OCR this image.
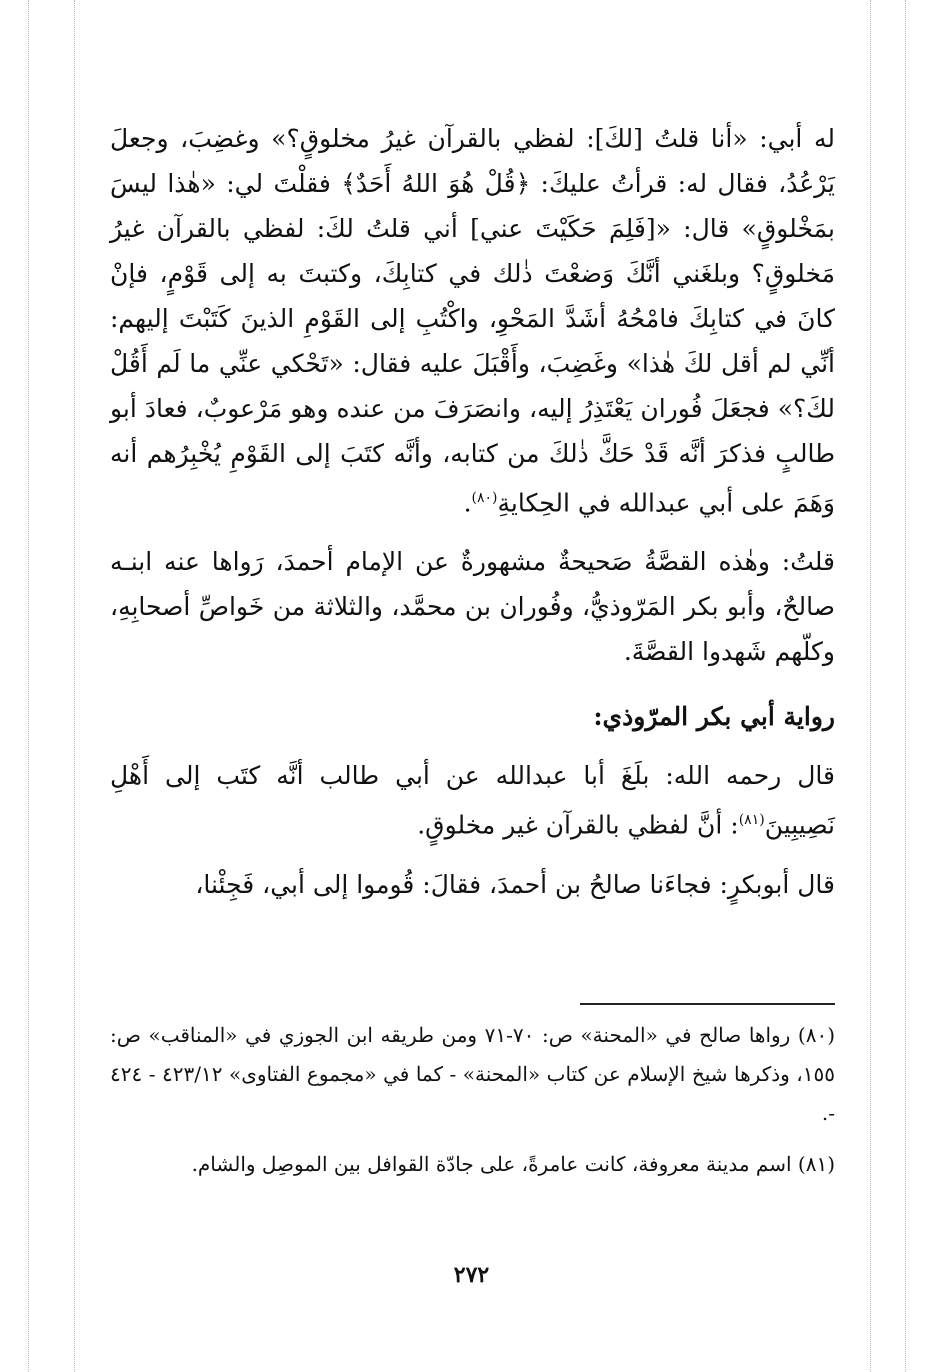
له أبي: «أنا قلتُ [لكَ]: لفظي بالقرآن غيرُ مخلوقٍ؟» وغضِبَ، وجعلَ يَرْعُدُ، فقال له: قرأتُ عليكَ: ﴿قُلْ هُوَ اللهُ أَحَدٌ﴾ فقلْتَ لي: «هٰذا ليسَ بمَخْلوقٍ» قال: «[فَلِمَ حَكَيْتَ عني] أني قلتُ لكَ: لفظي بالقرآن غيرُ مَخلوقٍ؟ وبلغَني أنَّكَ وَضعْتَ ذٰلك في كتابِكَ، وكتبتَ به إلى قَوْمٍ، فإنْ كانَ في كتابِكَ فامْحُهُ أشَدَّ المَحْوِ، واكْتُبِ إلى القَوْمِ الذينَ كَتَبْتَ إليهم: أنِّي لم أقل لكَ هٰذا» وغَضِبَ، وأَقْبَلَ عليه فقال: «تَحْكي عنِّي ما لَم أَقُلْ لكَ؟» فجعَلَ فُوران يَعْتَذِرُ إليه، وانصَرَفَ من عنده وهو مَرْعوبٌ، فعادَ أبو طالبٍ فذكرَ أنَّه قَدْ حَكَّ ذٰلكَ من كتابه، وأنَّه كتَبَ إلى القَوْمِ يُخْبِرُهم أنه وَهَمَ على أبي عبدالله في الحِكايةِ$^{(٨٠)}$.

قلتُ: وهٰذه القصَّةُ صَحيحةٌ مشهورةٌ عن الإمام أحمدَ، رَواها عنه ابنـه صالحٌ، وأبو بكر المَرّوذيُّ، وفُوران بن محمَّد، والثلاثة من خَواصِّ أصحابِهِ، وكلّهم شَهدوا القصَّةَ.

رواية أبي بكر المرّوذي:

قال رحمه الله: بلَغَ أبا عبدالله عن أبي طالب أنَّه كتَب إلى أَهْلِ نَصِيبِينَ$^{(٨١)}$: أنَّ لفظي بالقرآن غير مخلوقٍ.

قال أبوبكرٍ: فجاءَنا صالحُ بن أحمدَ، فقالَ: قُوموا إلى أبي، فَجِئْنا،

(٨٠) رواها صالح في «المحنة» ص: ٧٠-٧١ ومن طريقه ابن الجوزي في «المناقب» ص: ١٥٥، وذكرها شيخ الإسلام عن كتاب «المحنة» - كما في «مجموع الفتاوى» ٤٢٣/١٢ - ٤٢٤ -.

(٨١) اسم مدينة معروفة، كانت عامرةً، على جادّة القوافل بين الموصِل والشام.

٢٧٢
